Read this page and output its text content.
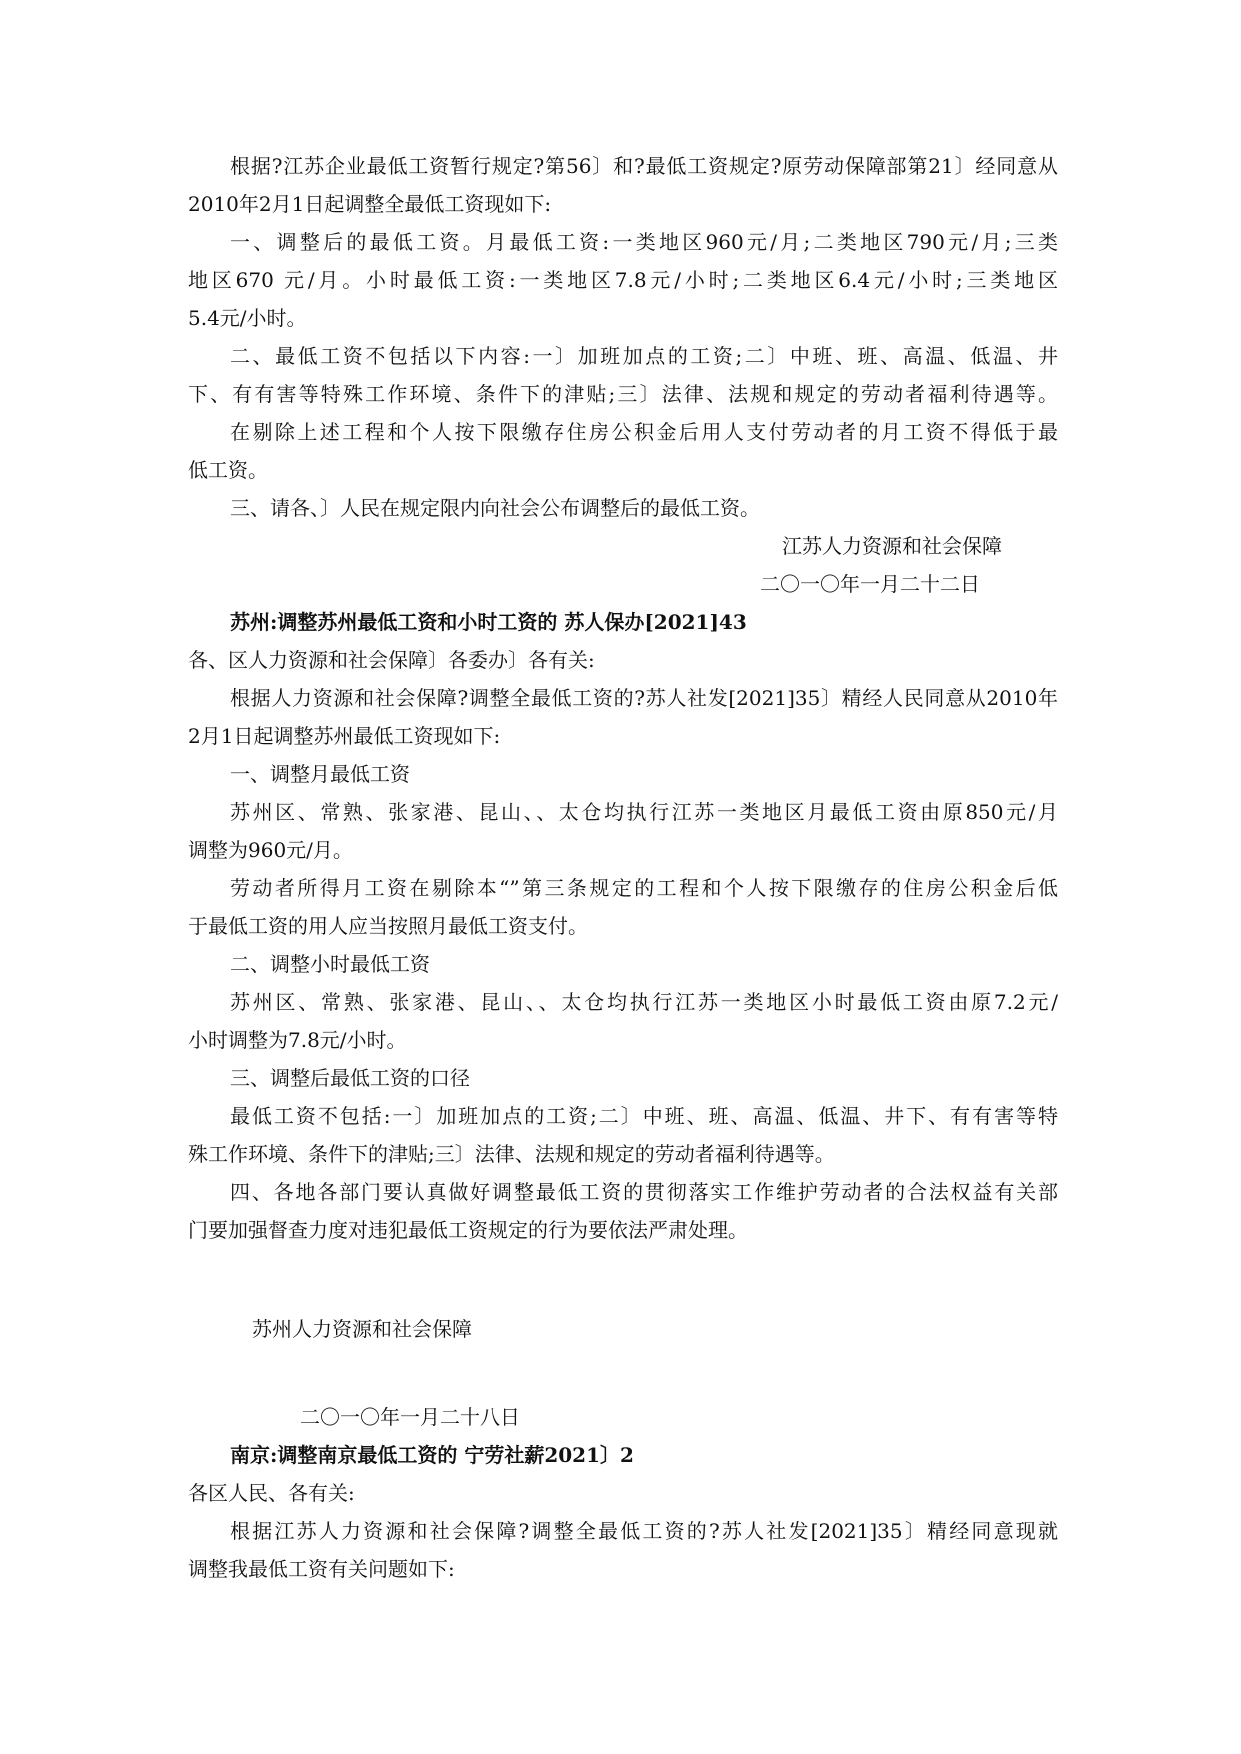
根据?江苏企业最低工资暂行规定?第56〕和?最低工资规定?原劳动保障部第21〕经同意从
2010年2月1日起调整全最低工资现如下:
一、调整后的最低工资。月最低工资:一类地区960元/月;二类地区790元/月;三类
地区670 元/月。小时最低工资:一类地区7.8元/小时;二类地区6.4元/小时;三类地区
5.4元/小时。
二、最低工资不包括以下内容:一〕加班加点的工资;二〕中班、班、高温、低温、井
下、有有害等特殊工作环境、条件下的津贴;三〕法律、法规和规定的劳动者福利待遇等。
在剔除上述工程和个人按下限缴存住房公积金后用人支付劳动者的月工资不得低于最
低工资。
三、请各、〕人民在规定限内向社会公布调整后的最低工资。
江苏人力资源和社会保障
二〇一〇年一月二十二日
苏州:调整苏州最低工资和小时工资的 苏人保办[2021]43
各、区人力资源和社会保障〕各委办〕各有关:
根据人力资源和社会保障?调整全最低工资的?苏人社发[2021]35〕精经人民同意从2010年
2月1日起调整苏州最低工资现如下:
一、调整月最低工资
苏州区、常熟、张家港、昆山、、太仓均执行江苏一类地区月最低工资由原850元/月
调整为960元/月。
劳动者所得月工资在剔除本“”第三条规定的工程和个人按下限缴存的住房公积金后低
于最低工资的用人应当按照月最低工资支付。
二、调整小时最低工资
苏州区、常熟、张家港、昆山、、太仓均执行江苏一类地区小时最低工资由原7.2元/
小时调整为7.8元/小时。
三、调整后最低工资的口径
最低工资不包括:一〕加班加点的工资;二〕中班、班、高温、低温、井下、有有害等特
殊工作环境、条件下的津贴;三〕法律、法规和规定的劳动者福利待遇等。
四、各地各部门要认真做好调整最低工资的贯彻落实工作维护劳动者的合法权益有关部
门要加强督查力度对违犯最低工资规定的行为要依法严肃处理。
苏州人力资源和社会保障
二〇一〇年一月二十八日
南京:调整南京最低工资的 宁劳社薪2021〕2
各区人民、各有关:
根据江苏人力资源和社会保障?调整全最低工资的?苏人社发[2021]35〕精经同意现就
调整我最低工资有关问题如下:
